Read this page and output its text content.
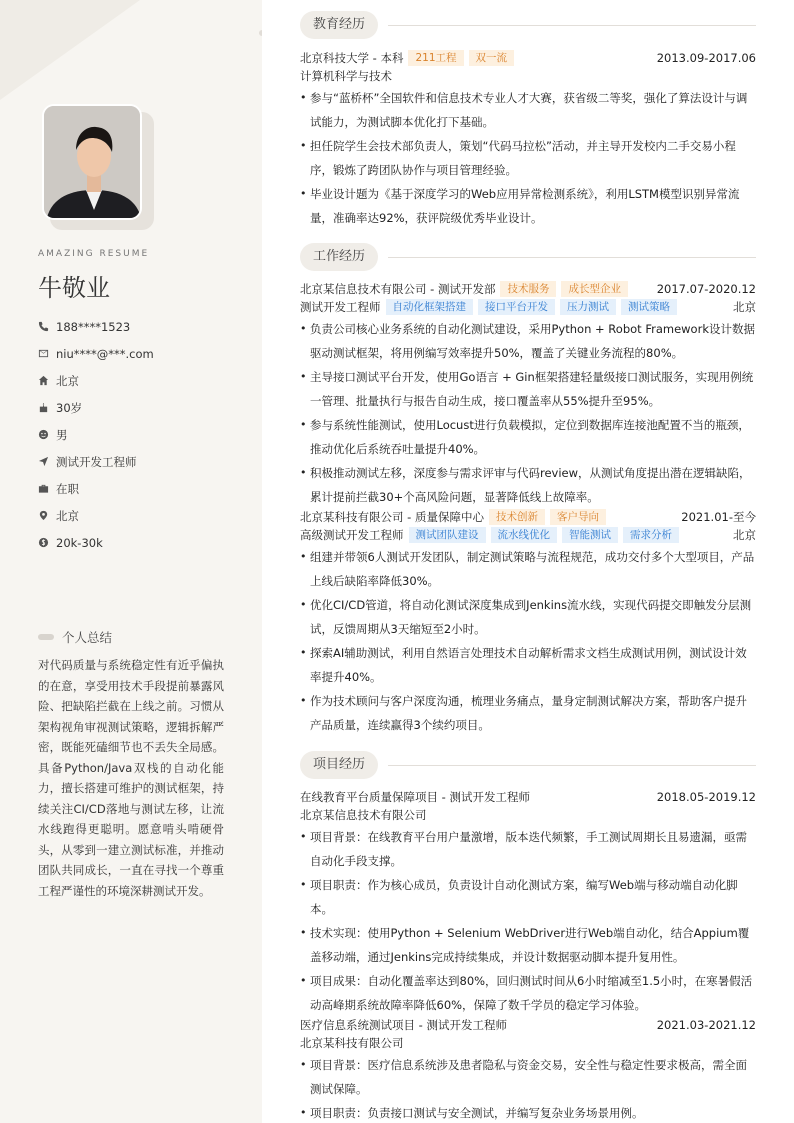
AMAZING RESUME
牛敬业
188****1523
niu****@***.com
北京
30岁
男
测试开发工程师
在职
北京
20k-30k
个人总结
对代码质量与系统稳定性有近乎偏执的在意，享受用技术手段提前暴露风险、把缺陷拦截在上线之前。习惯从架构视角审视测试策略，逻辑拆解严密，既能死磕细节也不丢失全局感。具备Python/Java双栈的自动化能力，擅长搭建可维护的测试框架，持续关注CI/CD落地与测试左移，让流水线跑得更聪明。愿意啃头啃硬骨头，从零到一建立测试标准，并推动团队共同成长，一直在寻找一个尊重工程严谨性的环境深耕测试开发。
教育经历
北京科技大学 - 本科	211工程	双一流	2013.09-2017.06
计算机科学与技术
• 参与“蓝桥杯”全国软件和信息技术专业人才大赛，获省级二等奖，强化了算法设计与调试能力，为测试脚本优化打下基础。
• 担任院学生会技术部负责人，策划“代码马拉松”活动，并主导开发校内二手交易小程序，锻炼了跨团队协作与项目管理经验。
• 毕业设计题为《基于深度学习的Web应用异常检测系统》，利用LSTM模型识别异常流量，准确率达92%，获评院级优秀毕业设计。
工作经历
北京某信息技术有限公司 - 测试开发部	技术服务	成长型企业	2017.07-2020.12
测试开发工程师	自动化框架搭建	接口平台开发	压力测试	测试策略	北京
• 负责公司核心业务系统的自动化测试建设，采用Python + Robot Framework设计数据驱动测试框架，将用例编写效率提升50%，覆盖了关键业务流程的80%。
• 主导接口测试平台开发，使用Go语言 + Gin框架搭建轻量级接口测试服务，实现用例统一管理、批量执行与报告自动生成，接口覆盖率从55%提升至95%。
• 参与系统性能测试，使用Locust进行负载模拟，定位到数据库连接池配置不当的瓶颈，推动优化后系统吞吐量提升40%。
• 积极推动测试左移，深度参与需求评审与代码review，从测试角度提出潜在逻辑缺陷，累计提前拦截30+个高风险问题，显著降低线上故障率。
北京某科技有限公司 - 质量保障中心	技术创新	客户导向	2021.01-至今
高级测试开发工程师	测试团队建设	流水线优化	智能测试	需求分析	北京
• 组建并带领6人测试开发团队，制定测试策略与流程规范，成功交付多个大型项目，产品上线后缺陷率降低30%。
• 优化CI/CD管道，将自动化测试深度集成到Jenkins流水线，实现代码提交即触发分层测试，反馈周期从3天缩短至2小时。
• 探索AI辅助测试，利用自然语言处理技术自动解析需求文档生成测试用例，测试设计效率提升40%。
• 作为技术顾问与客户深度沟通，梳理业务痛点，量身定制测试解决方案，帮助客户提升产品质量，连续赢得3个续约项目。
项目经历
在线教育平台质量保障项目 - 测试开发工程师	2018.05-2019.12
北京某信息技术有限公司
• 项目背景：在线教育平台用户量激增，版本迭代频繁，手工测试周期长且易遗漏，亟需自动化手段支撑。
• 项目职责：作为核心成员，负责设计自动化测试方案，编写Web端与移动端自动化脚本。
• 技术实现：使用Python + Selenium WebDriver进行Web端自动化，结合Appium覆盖移动端，通过Jenkins完成持续集成，并设计数据驱动脚本提升复用性。
• 项目成果：自动化覆盖率达到80%，回归测试时间从6小时缩减至1.5小时，在寒暑假活动高峰期系统故障率降低60%，保障了数千学员的稳定学习体验。
医疗信息系统测试项目 - 测试开发工程师	2021.03-2021.12
北京某科技有限公司
• 项目背景：医疗信息系统涉及患者隐私与资金交易，安全性与稳定性要求极高，需全面测试保障。
• 项目职责：负责接口测试与安全测试，并编写复杂业务场景用例。
